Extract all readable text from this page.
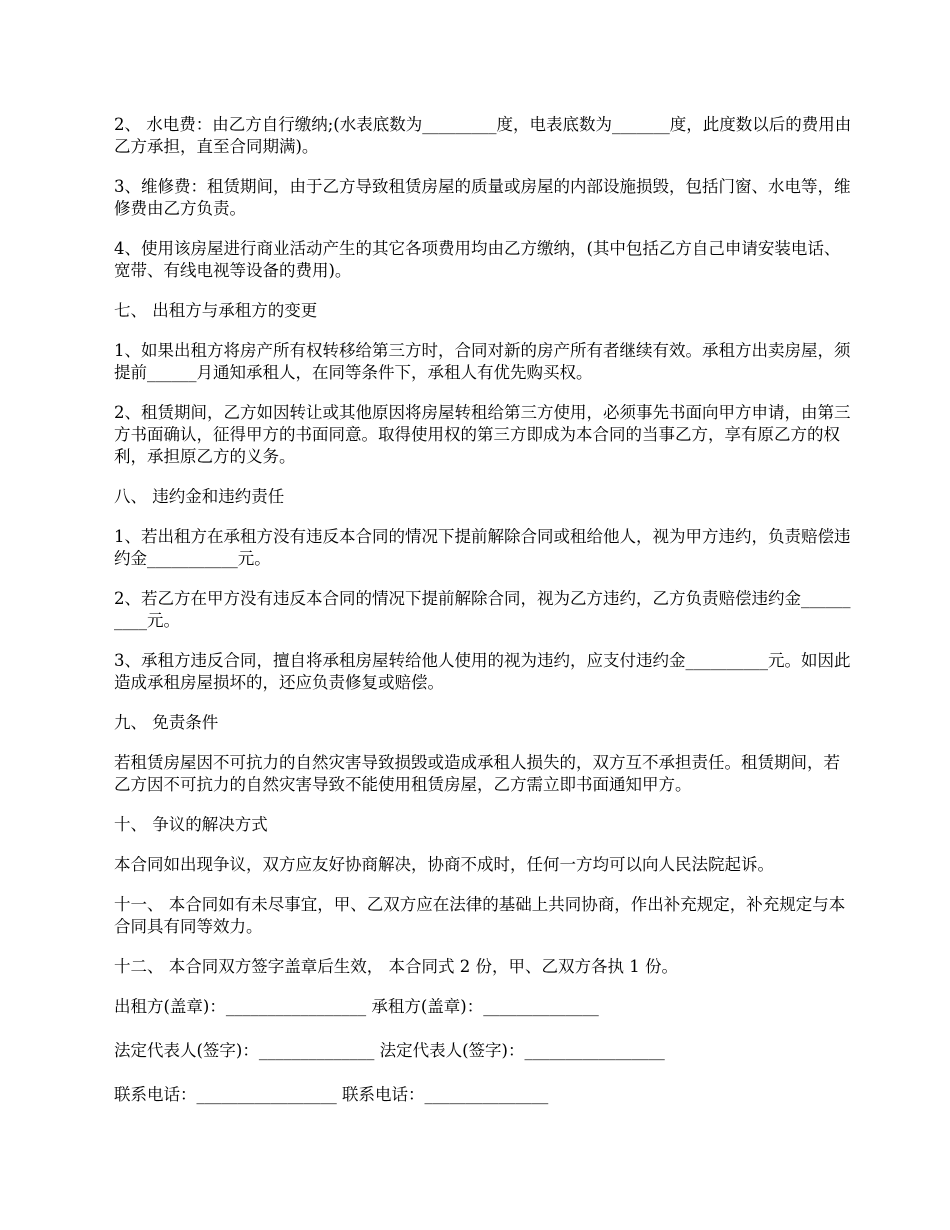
2、 水电费：由乙方自行缴纳;(水表底数为_________度，电表底数为_______度，此度数以后的费用由乙方承担，直至合同期满)。

3、维修费：租赁期间，由于乙方导致租赁房屋的质量或房屋的内部设施损毁，包括门窗、水电等，维修费由乙方负责。

4、使用该房屋进行商业活动产生的其它各项费用均由乙方缴纳，(其中包括乙方自己申请安装电话、宽带、有线电视等设备的费用)。

七、 出租方与承租方的变更

1、如果出租方将房产所有权转移给第三方时，合同对新的房产所有者继续有效。承租方出卖房屋，须提前______月通知承租人，在同等条件下，承租人有优先购买权。

2、租赁期间，乙方如因转让或其他原因将房屋转租给第三方使用，必须事先书面向甲方申请，由第三方书面确认，征得甲方的书面同意。取得使用权的第三方即成为本合同的当事乙方，享有原乙方的权利，承担原乙方的义务。

八、 违约金和违约责任

1、若出租方在承租方没有违反本合同的情况下提前解除合同或租给他人，视为甲方违约，负责赔偿违约金___________元。

2、若乙方在甲方没有违反本合同的情况下提前解除合同，视为乙方违约，乙方负责赔偿违约金__________元。

3、承租方违反合同，擅自将承租房屋转给他人使用的视为违约，应支付违约金__________元。如因此造成承租房屋损坏的，还应负责修复或赔偿。

九、 免责条件

若租赁房屋因不可抗力的自然灾害导致损毁或造成承租人损失的，双方互不承担责任。租赁期间，若乙方因不可抗力的自然灾害导致不能使用租赁房屋，乙方需立即书面通知甲方。

十、 争议的解决方式

本合同如出现争议，双方应友好协商解决，协商不成时，任何一方均可以向人民法院起诉。

十一、 本合同如有未尽事宜，甲、乙双方应在法律的基础上共同协商，作出补充规定，补充规定与本合同具有同等效力。

十二、 本合同双方签字盖章后生效， 本合同式 2 份，甲、乙双方各执 1 份。

出租方(盖章)：_________________ 承租方(盖章)：______________

法定代表人(签字)：______________ 法定代表人(签字)：_________________

联系电话：_________________ 联系电话：_______________
